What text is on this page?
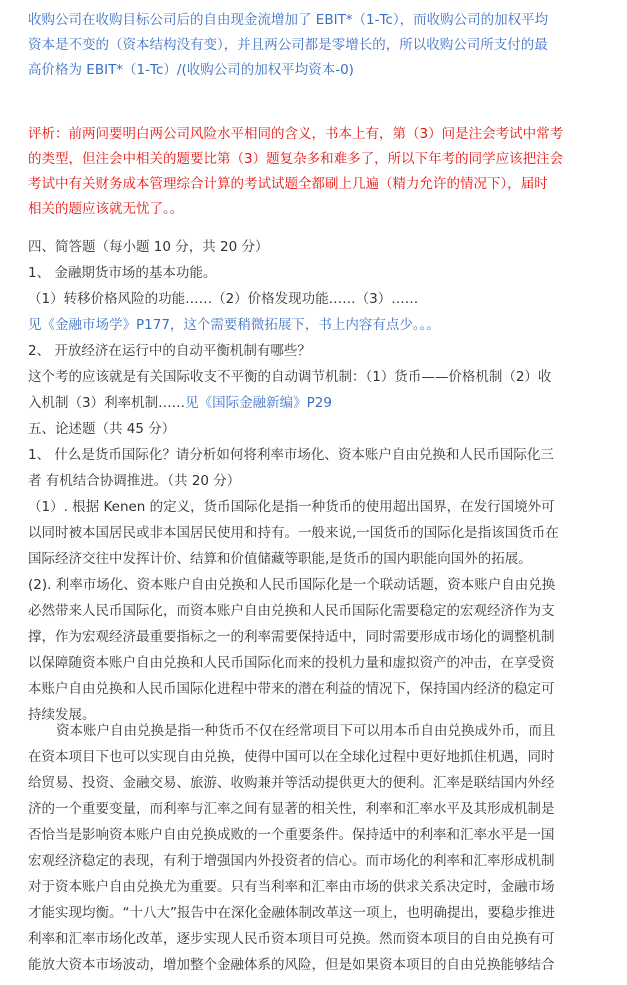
收购公司在收购目标公司后的自由现金流增加了 EBIT*（1-Tc），而收购公司的加权平均
资本是不变的（资本结构没有变），并且两公司都是零增长的，所以收购公司所支付的最
高价格为 EBIT*（1-Tc）/(收购公司的加权平均资本-0)
评析：前两问要明白两公司风险水平相同的含义，书本上有，第（3）问是注会考试中常考
的类型，但注会中相关的题要比第（3）题复杂多和难多了，所以下年考的同学应该把注会
考试中有关财务成本管理综合计算的考试试题全都刷上几遍（精力允许的情况下），届时
相关的题应该就无忧了。。
四、简答题（每小题 10 分，共 20 分）
1、 金融期货市场的基本功能。
（1）转移价格风险的功能……（2）价格发现功能……（3）……
见《金融市场学》P177，这个需要稍微拓展下，书上内容有点少。。。
2、 开放经济在运行中的自动平衡机制有哪些？
这个考的应该就是有关国际收支不平衡的自动调节机制：（1）货币——价格机制（2）收
入机制（3）利率机制……见《国际金融新编》P29
五、论述题（共 45 分）
1、 什么是货币国际化？请分析如何将利率市场化、资本账户自由兑换和人民币国际化三
者 有机结合协调推进。（共 20 分）
（1）. 根据 Kenen 的定义，货币国际化是指一种货币的使用超出国界，在发行国境外可
以同时被本国居民或非本国居民使用和持有。一般来说,一国货币的国际化是指该国货币在
国际经济交往中发挥计价、结算和价值储藏等职能,是货币的国内职能向国外的拓展。
(2). 利率市场化、资本账户自由兑换和人民币国际化是一个联动话题，资本账户自由兑换
必然带来人民币国际化，而资本账户自由兑换和人民币国际化需要稳定的宏观经济作为支
撑，作为宏观经济最重要指标之一的利率需要保持适中，同时需要形成市场化的调整机制
以保障随资本账户自由兑换和人民币国际化而来的投机力量和虚拟资产的冲击，在享受资
本账户自由兑换和人民币国际化进程中带来的潜在利益的情况下，保持国内经济的稳定可
持续发展。
资本账户自由兑换是指一种货币不仅在经常项目下可以用本币自由兑换成外币，而且
在资本项目下也可以实现自由兑换，使得中国可以在全球化过程中更好地抓住机遇，同时
给贸易、投资、金融交易、旅游、收购兼并等活动提供更大的便利。汇率是联结国内外经
济的一个重要变量，而利率与汇率之间有显著的相关性，利率和汇率水平及其形成机制是
否恰当是影响资本账户自由兑换成败的一个重要条件。保持适中的利率和汇率水平是一国
宏观经济稳定的表现，有利于增强国内外投资者的信心。而市场化的利率和汇率形成机制
对于资本账户自由兑换尤为重要。只有当利率和汇率由市场的供求关系决定时，金融市场
才能实现均衡。“十八大”报告中在深化金融体制改革这一项上，也明确提出，要稳步推进
利率和汇率市场化改革，逐步实现人民币资本项目可兑换。然而资本项目的自由兑换有可
能放大资本市场波动，增加整个金融体系的风险，但是如果资本项目的自由兑换能够结合
